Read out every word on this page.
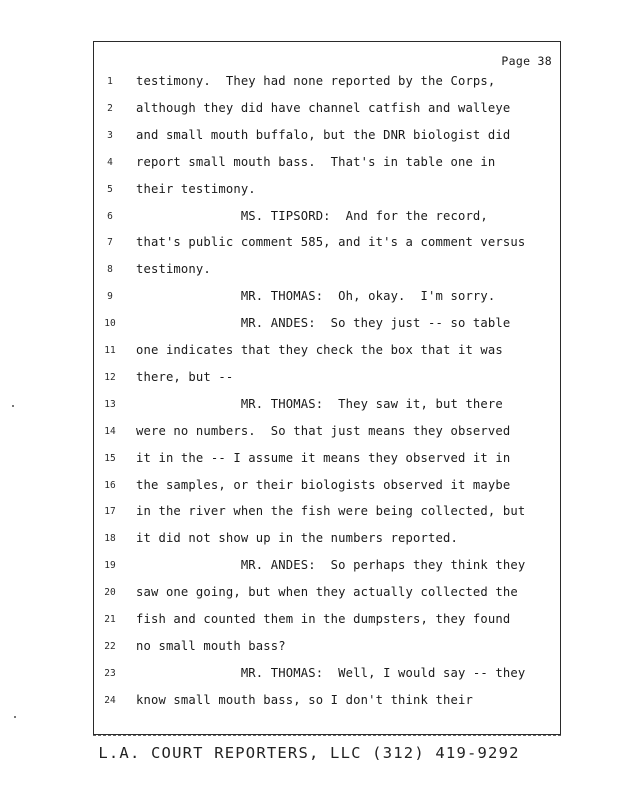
Page 38
1	testimony.  They had none reported by the Corps,
2	although they did have channel catfish and walleye
3	and small mouth buffalo, but the DNR biologist did
4	report small mouth bass.  That's in table one in
5	their testimony.
6	MS. TIPSORD:  And for the record,
7	that's public comment 585, and it's a comment versus
8	testimony.
9	MR. THOMAS:  Oh, okay.  I'm sorry.
10	MR. ANDES:  So they just -- so table
11	one indicates that they check the box that it was
12	there, but --
13	MR. THOMAS:  They saw it, but there
14	were no numbers.  So that just means they observed
15	it in the -- I assume it means they observed it in
16	the samples, or their biologists observed it maybe
17	in the river when the fish were being collected, but
18	it did not show up in the numbers reported.
19	MR. ANDES:  So perhaps they think they
20	saw one going, but when they actually collected the
21	fish and counted them in the dumpsters, they found
22	no small mouth bass?
23	MR. THOMAS:  Well, I would say -- they
24	know small mouth bass, so I don't think their
L.A. COURT REPORTERS, LLC (312) 419-9292
